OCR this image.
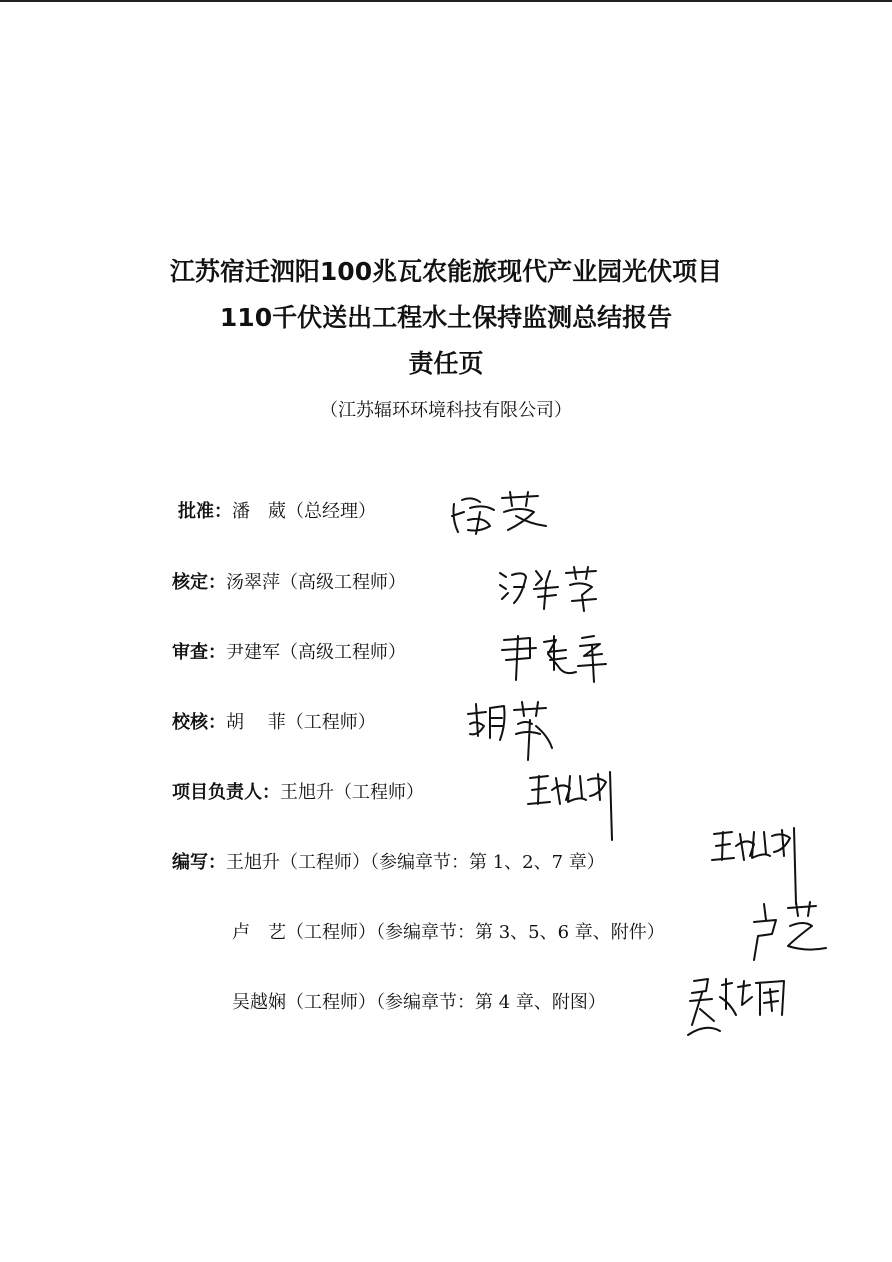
江苏宿迁泗阳100兆瓦农能旅现代产业园光伏项目
110千伏送出工程水土保持监测总结报告
责任页
（江苏辐环环境科技有限公司）
批准：潘　葳（总经理）
核定：汤翠萍（高级工程师）
审查：尹建军（高级工程师）
校核：胡　 菲（工程师）
项目负责人：王旭升（工程师）
编写：王旭升（工程师）（参编章节：第 1、2、7 章）
卢　艺（工程师）（参编章节：第 3、5、6 章、附件）
吴越娴（工程师）（参编章节：第 4 章、附图）
